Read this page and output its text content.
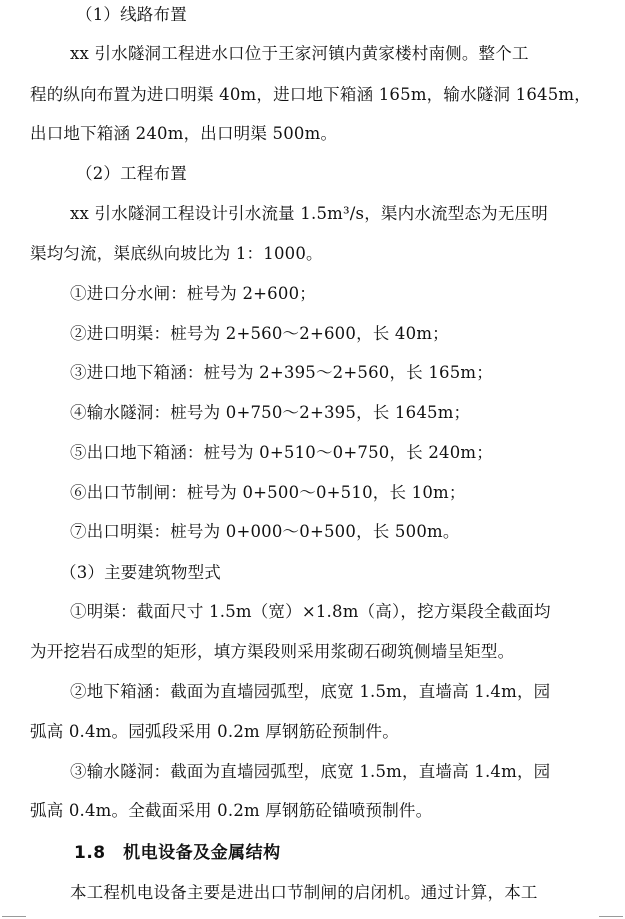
（1）线路布置
xx 引水隧洞工程进水口位于王家河镇内黄家楼村南侧。整个工
程的纵向布置为进口明渠 40m，进口地下箱涵 165m，输水隧洞 1645m，
出口地下箱涵 240m，出口明渠 500m。
（2）工程布置
xx 引水隧洞工程设计引水流量 1.5m³/s，渠内水流型态为无压明
渠均匀流，渠底纵向坡比为 1：1000。
①进口分水闸：桩号为 2+600；
②进口明渠：桩号为 2+560～2+600，长 40m；
③进口地下箱涵：桩号为 2+395～2+560，长 165m；
④输水隧洞：桩号为 0+750～2+395，长 1645m；
⑤出口地下箱涵：桩号为 0+510～0+750，长 240m；
⑥出口节制闸：桩号为 0+500～0+510，长 10m；
⑦出口明渠：桩号为 0+000～0+500，长 500m。
（3）主要建筑物型式
①明渠：截面尺寸 1.5m（宽）×1.8m（高），挖方渠段全截面均
为开挖岩石成型的矩形，填方渠段则采用浆砌石砌筑侧墙呈矩型。
②地下箱涵：截面为直墙园弧型，底宽 1.5m，直墙高 1.4m，园
弧高 0.4m。园弧段采用 0.2m 厚钢筋砼预制件。
③输水隧洞：截面为直墙园弧型，底宽 1.5m，直墙高 1.4m，园
弧高 0.4m。全截面采用 0.2m 厚钢筋砼锚喷预制件。
1.8　机电设备及金属结构
本工程机电设备主要是进出口节制闸的启闭机。通过计算，本工
